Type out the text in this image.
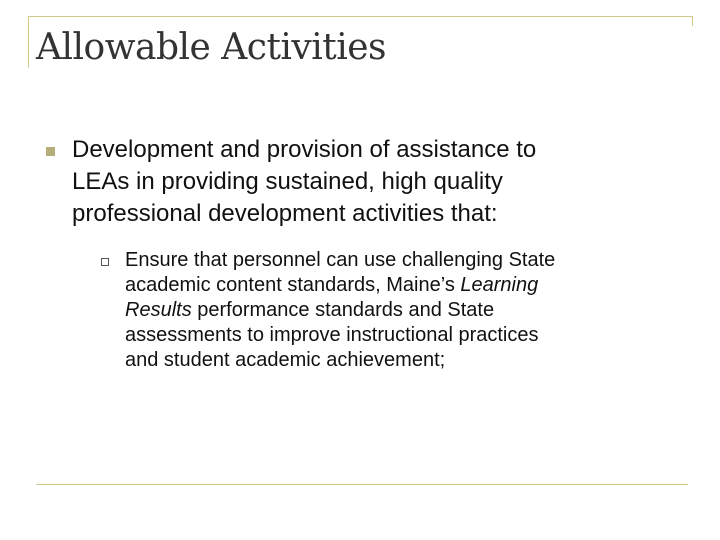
Allowable Activities

Development and provision of assistance to
LEAs in providing sustained, high quality
professional development activities that:

Ensure that personnel can use challenging State
academic content standards, Maine’s Learning
Results performance standards and State
assessments to improve instructional practices
and student academic achievement;
